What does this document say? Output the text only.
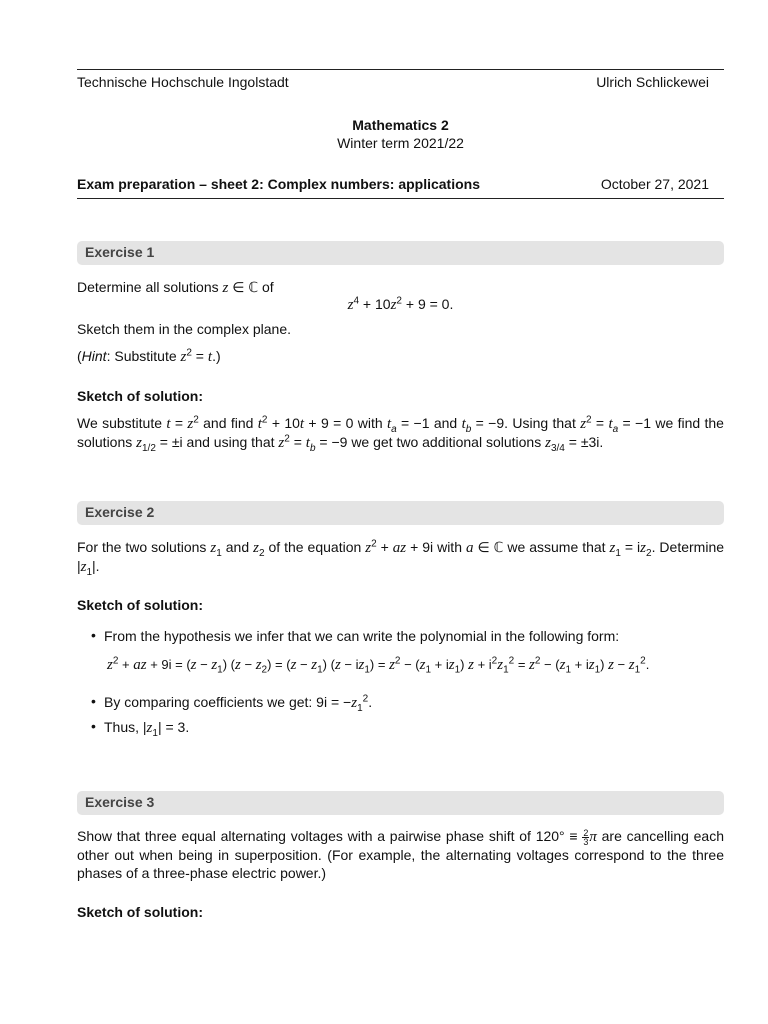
Technische Hochschule Ingolstadt	Ulrich Schlickewei
Mathematics 2
Winter term 2021/22
Exam preparation – sheet 2: Complex numbers: applications	October 27, 2021
Exercise 1
Determine all solutions z ∈ ℂ of
$z^4 + 10z^2 + 9 = 0$.
Sketch them in the complex plane.
(Hint: Substitute $z^2 = t$.)
Sketch of solution:
We substitute $t = z^2$ and find $t^2 + 10t + 9 = 0$ with $t_a = -1$ and $t_b = -9$. Using that $z^2 = t_a = -1$ we find the solutions $z_{1/2} = \pm i$ and using that $z^2 = t_b = -9$ we get two additional solutions $z_{3/4} = \pm 3i$.
Exercise 2
For the two solutions $z_1$ and $z_2$ of the equation $z^2$ + az + 9i with a ∈ ℂ we assume that $z_1 = iz_2$. Determine $|z_1|$.
Sketch of solution:
• From the hypothesis we infer that we can write the polynomial in the following form:
$z^2$ + az + $9i = (z - z_1)$ $(z - z_2) = (z - z_1)$ $(z - iz_1) = z^2 - (z_1 + iz_1)$ $z + i^2z_1^2 = z^2 - (z_1 + iz_1) z - z_1^2$.
• By comparing coefficients we get: $9i = -z_1^2$.
• Thus, $|z_1| = 3$.
Exercise 3
Show that three equal alternating voltages with a pairwise phase shift of $120^\circ \equiv \frac{2}{3}$ π are cancelling each other out when being in superposition. (For example, the alternating voltages correspond to the three phases of a three-phase electric power.)
Sketch of solution:
